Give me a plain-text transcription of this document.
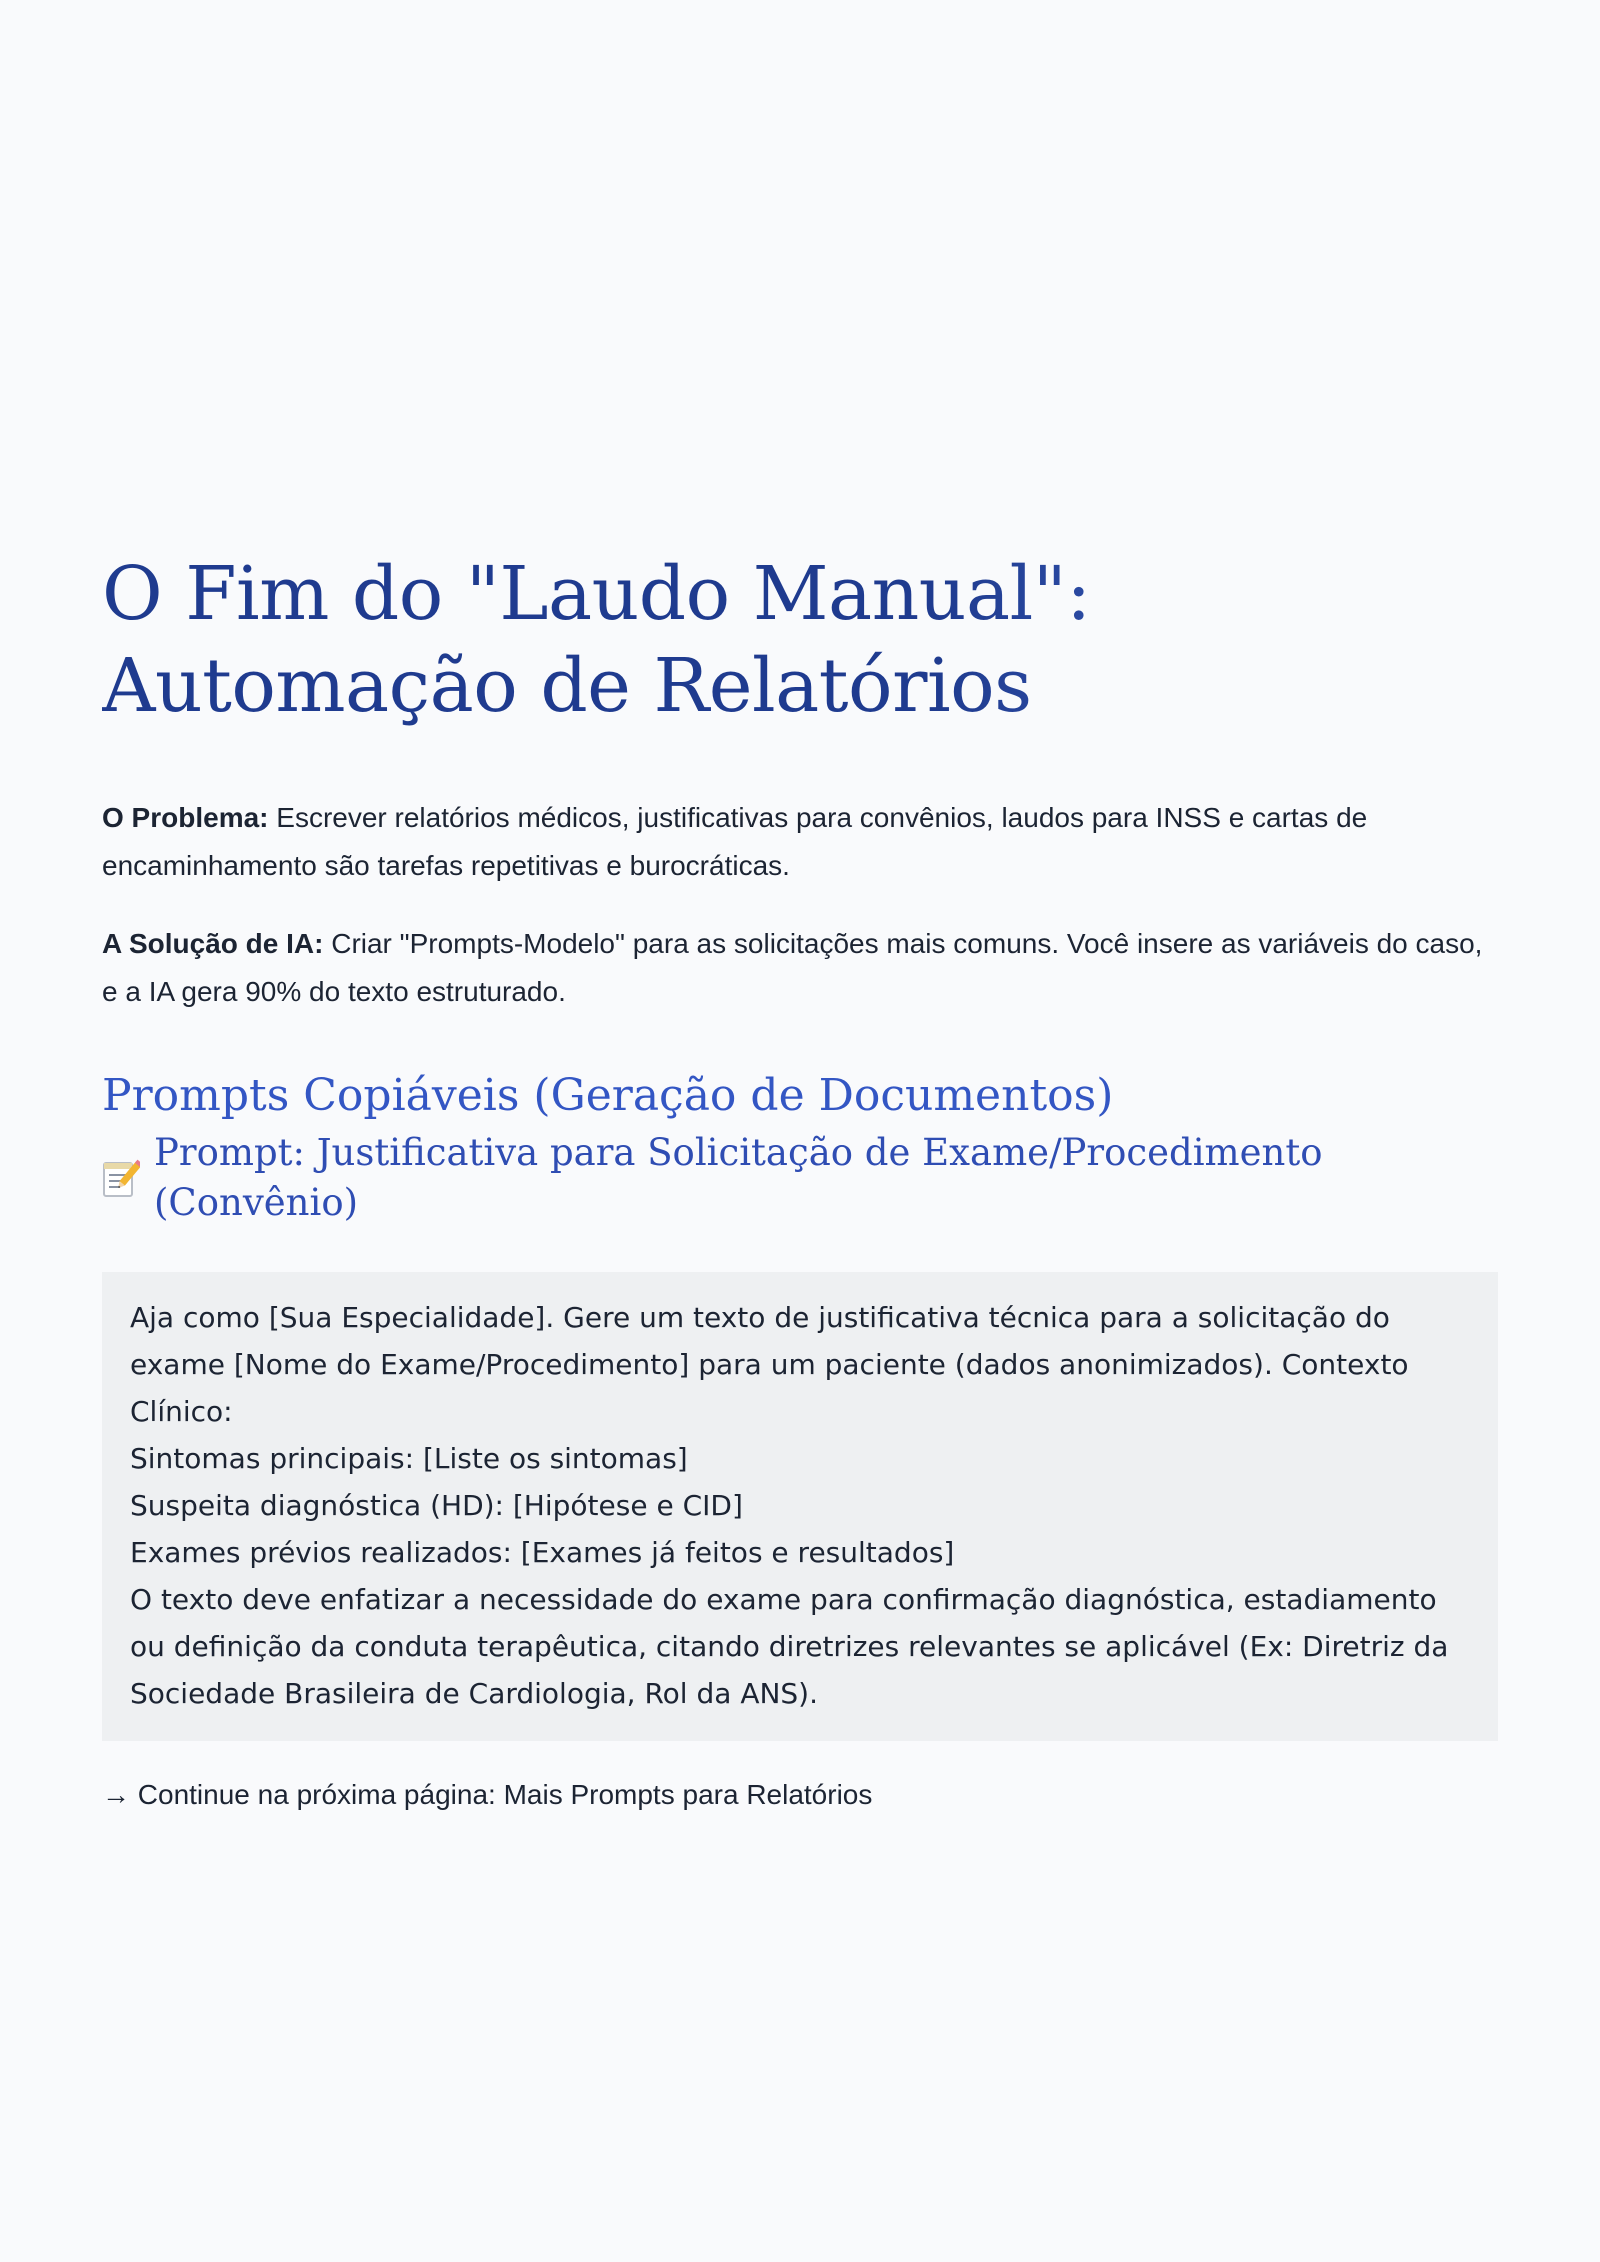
O Fim do "Laudo Manual": Automação de Relatórios

O Problema: Escrever relatórios médicos, justificativas para convênios, laudos para INSS e cartas de encaminhamento são tarefas repetitivas e burocráticas.

A Solução de IA: Criar "Prompts-Modelo" para as solicitações mais comuns. Você insere as variáveis do caso, e a IA gera 90% do texto estruturado.

Prompts Copiáveis (Geração de Documentos)
Prompt: Justificativa para Solicitação de Exame/Procedimento (Convênio)
Aja como [Sua Especialidade]. Gere um texto de justificativa técnica para a solicitação do exame [Nome do Exame/Procedimento] para um paciente (dados anonimizados). Contexto Clínico:
Sintomas principais: [Liste os sintomas]
Suspeita diagnóstica (HD): [Hipótese e CID]
Exames prévios realizados: [Exames já feitos e resultados]
O texto deve enfatizar a necessidade do exame para confirmação diagnóstica, estadiamento ou definição da conduta terapêutica, citando diretrizes relevantes se aplicável (Ex: Diretriz da Sociedade Brasileira de Cardiologia, Rol da ANS).

→ Continue na próxima página: Mais Prompts para Relatórios
